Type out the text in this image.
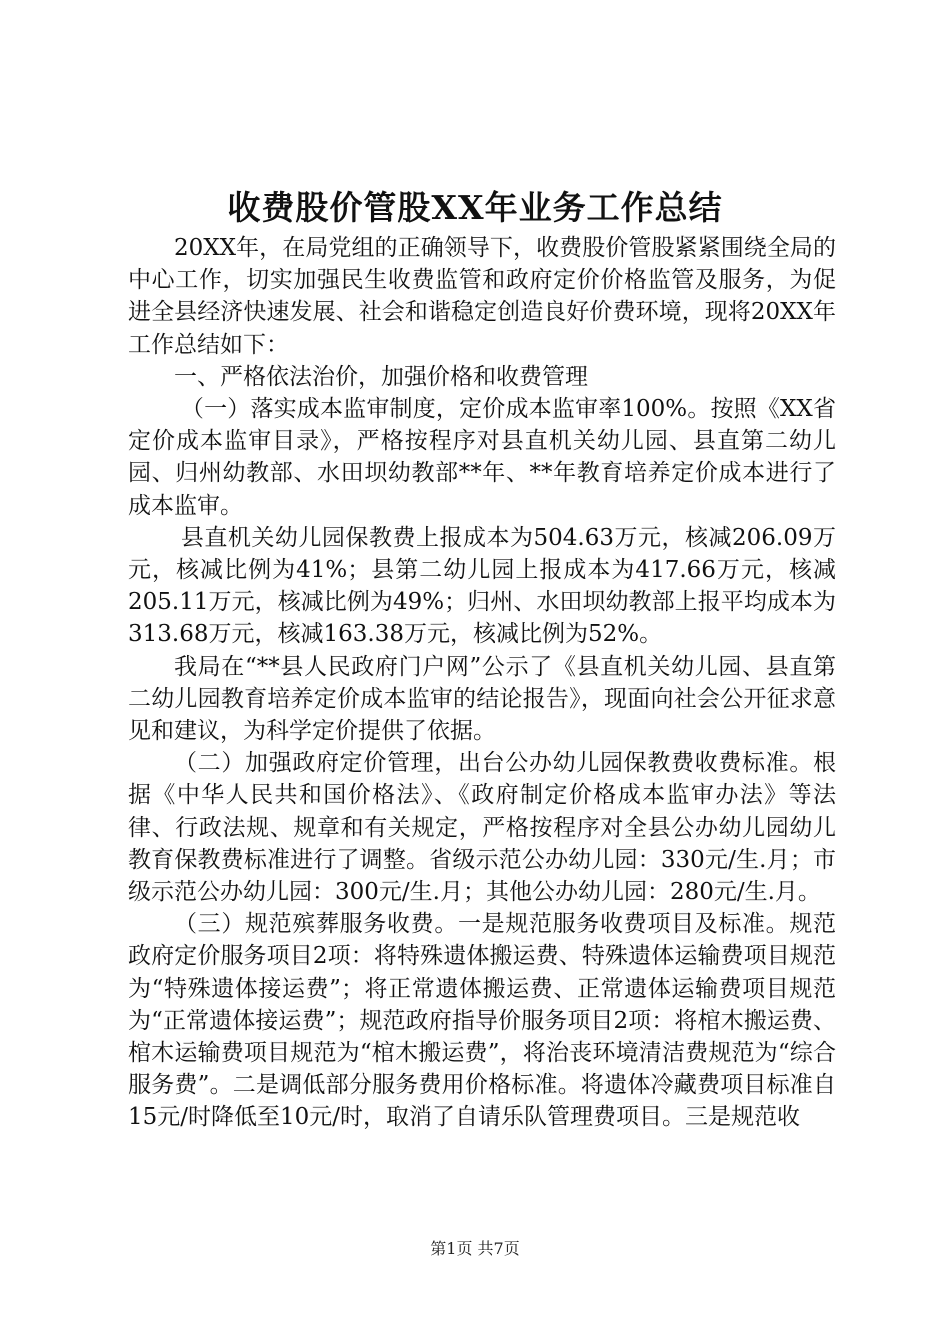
收费股价管股XX年业务工作总结

20XX年，在局党组的正确领导下，收费股价管股紧紧围绕全局的中心工作，切实加强民生收费监管和政府定价价格监管及服务，为促进全县经济快速发展、社会和谐稳定创造良好价费环境，现将20XX年工作总结如下：

一、严格依法治价，加强价格和收费管理

（一）落实成本监审制度，定价成本监审率100%。按照《XX省定价成本监审目录》，严格按程序对县直机关幼儿园、县直第二幼儿园、归州幼教部、水田坝幼教部**年、**年教育培养定价成本进行了成本监审。

县直机关幼儿园保教费上报成本为504.63万元，核减206.09万元，核减比例为41%；县第二幼儿园上报成本为417.66万元，核减205.11万元，核减比例为49%；归州、水田坝幼教部上报平均成本为313.68万元，核减163.38万元，核减比例为52%。

我局在“**县人民政府门户网”公示了《县直机关幼儿园、县直第二幼儿园教育培养定价成本监审的结论报告》，现面向社会公开征求意见和建议，为科学定价提供了依据。

（二）加强政府定价管理，出台公办幼儿园保教费收费标准。根据《中华人民共和国价格法》、《政府制定价格成本监审办法》等法律、行政法规、规章和有关规定，严格按程序对全县公办幼儿园幼儿教育保教费标准进行了调整。省级示范公办幼儿园：330元/生.月；市级示范公办幼儿园：300元/生.月；其他公办幼儿园：280元/生.月。

（三）规范殡葬服务收费。一是规范服务收费项目及标准。规范政府定价服务项目2项：将特殊遗体搬运费、特殊遗体运输费项目规范为“特殊遗体接运费”；将正常遗体搬运费、正常遗体运输费项目规范为“正常遗体接运费”；规范政府指导价服务项目2项：将棺木搬运费、棺木运输费项目规范为“棺木搬运费”，将治丧环境清洁费规范为“综合服务费”。二是调低部分服务费用价格标准。将遗体冷藏费项目标准自15元/时降低至10元/时，取消了自请乐队管理费项目。三是规范收

第1页 共7页
